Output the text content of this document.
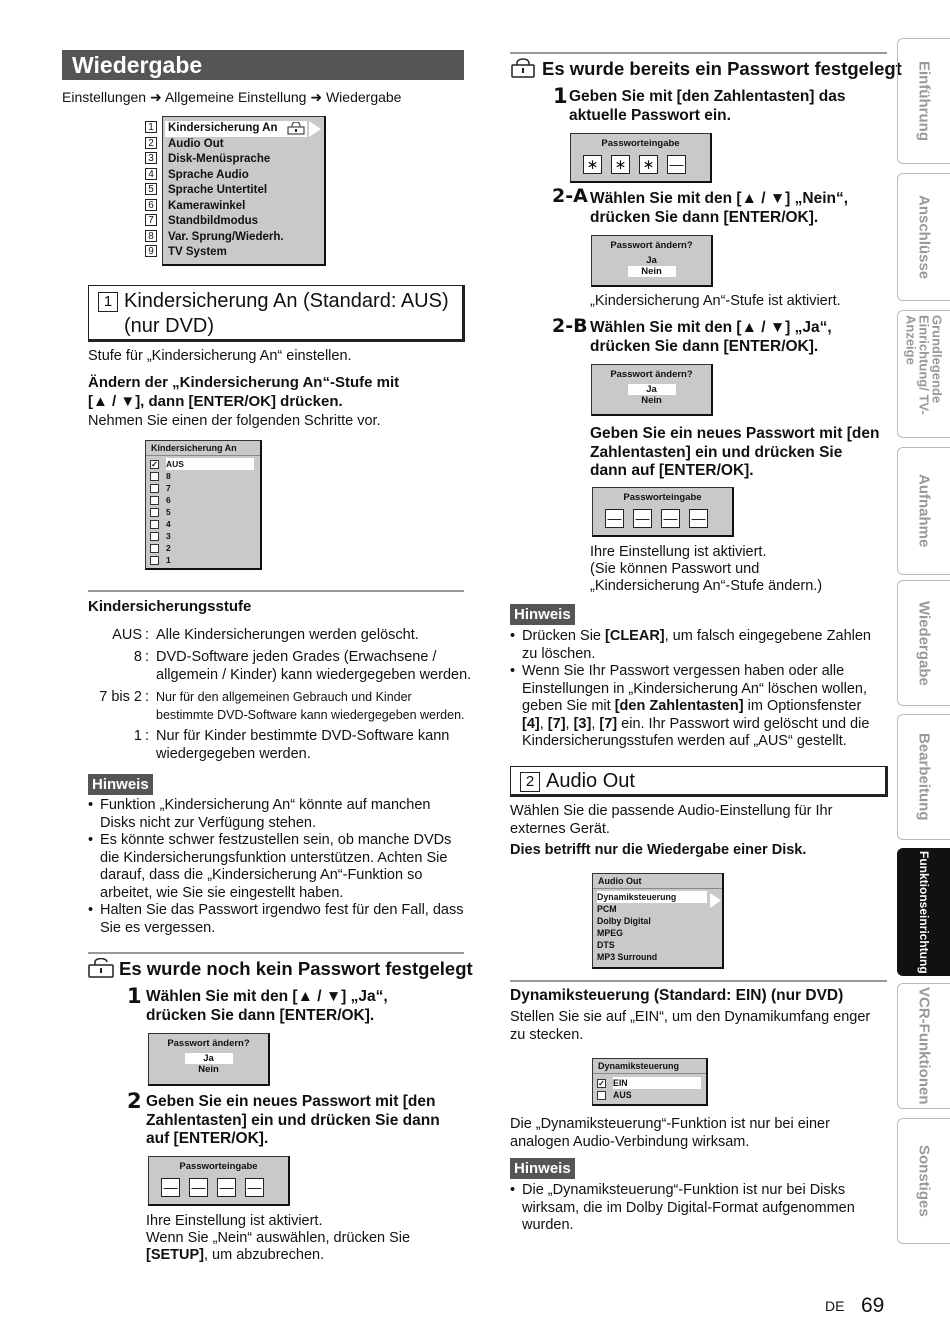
Wiedergabe
Einstellungen ➜ Allgemeine Einstellung ➜ Wiedergabe
1
2
3
4
5
6
7
8
9
Kindersicherung An
Audio Out
Disk-Menüsprache
Sprache Audio
Sprache Untertitel
Kamerawinkel
Standbildmodus
Var. Sprung/Wiederh.
TV System
1 Kindersicherung An (Standard: AUS)
(nur DVD)
Stufe für „Kindersicherung An“ einstellen.
Ändern der „Kindersicherung An“-Stufe mit
[▲ / ▼], dann [ENTER/OK] drücken.
Nehmen Sie einen der folgenden Schritte vor.
Kindersicherung An
✓ AUS
8
7
6
5
4
3
2
1
Kindersicherungsstufe
AUS : Alle Kindersicherungen werden gelöscht.
8 : DVD-Software jeden Grades (Erwachsene /
allgemein / Kinder) kann wiedergegeben werden.
7 bis 2 : Nur für den allgemeinen Gebrauch und Kinder
bestimmte DVD-Software kann wiedergegeben werden.
1 : Nur für Kinder bestimmte DVD-Software kann
wiedergegeben werden.
Hinweis
• Funktion „Kindersicherung An“ könnte auf manchen Disks nicht zur Verfügung stehen.
• Es könnte schwer festzustellen sein, ob manche DVDs die Kindersicherungsfunktion unterstützen. Achten Sie darauf, dass die „Kindersicherung An“-Funktion so arbeitet, wie Sie sie eingestellt haben.
• Halten Sie das Passwort irgendwo fest für den Fall, dass Sie es vergessen.
Es wurde noch kein Passwort festgelegt
1 Wählen Sie mit den [▲ / ▼] „Ja“, drücken Sie dann [ENTER/OK].
Passwort ändern?
Ja
Nein
2 Geben Sie ein neues Passwort mit [den Zahlentasten] ein und drücken Sie dann auf [ENTER/OK].
Passworteingabe
— — — —
Ihre Einstellung ist aktiviert.
Wenn Sie „Nein“ auswählen, drücken Sie
[SETUP], um abzubrechen.
Es wurde bereits ein Passwort festgelegt
1 Geben Sie mit [den Zahlentasten] das aktuelle Passwort ein.
Passworteingabe
∗ ∗ ∗ —
2-A Wählen Sie mit den [▲ / ▼] „Nein“, drücken Sie dann [ENTER/OK].
Passwort ändern?
Ja
Nein
„Kindersicherung An“-Stufe ist aktiviert.
2-B Wählen Sie mit den [▲ / ▼] „Ja“, drücken Sie dann [ENTER/OK].
Passwort ändern?
Ja
Nein
Geben Sie ein neues Passwort mit [den Zahlentasten] ein und drücken Sie dann auf [ENTER/OK].
Passworteingabe
— — — —
Ihre Einstellung ist aktiviert.
(Sie können Passwort und
„Kindersicherung An“-Stufe ändern.)
Hinweis
• Drücken Sie [CLEAR], um falsch eingegebene Zahlen zu löschen.
• Wenn Sie Ihr Passwort vergessen haben oder alle Einstellungen in „Kindersicherung An“ löschen wollen, geben Sie mit [den Zahlentasten] im Optionsfenster [4], [7], [3], [7] ein. Ihr Passwort wird gelöscht und die Kindersicherungsstufen werden auf „AUS“ gestellt.
2 Audio Out
Wählen Sie die passende Audio-Einstellung für Ihr externes Gerät.
Dies betrifft nur die Wiedergabe einer Disk.
Audio Out
Dynamiksteuerung
PCM
Dolby Digital
MPEG
DTS
MP3 Surround
Dynamiksteuerung (Standard: EIN) (nur DVD)
Stellen Sie sie auf „EIN“, um den Dynamikumfang enger zu stecken.
Dynamiksteuerung
✓ EIN
AUS
Die „Dynamiksteuerung“-Funktion ist nur bei einer analogen Audio-Verbindung wirksam.
Hinweis
• Die „Dynamiksteuerung“-Funktion ist nur bei Disks wirksam, die im Dolby Digital-Format aufgenommen wurden.
Einführung
Anschlüsse
Grundlegende Einrichtung/ TV-Anzeige
Aufnahme
Wiedergabe
Bearbeitung
Funktionseinrichtung
VCR-Funktionen
Sonstiges
DE 69
